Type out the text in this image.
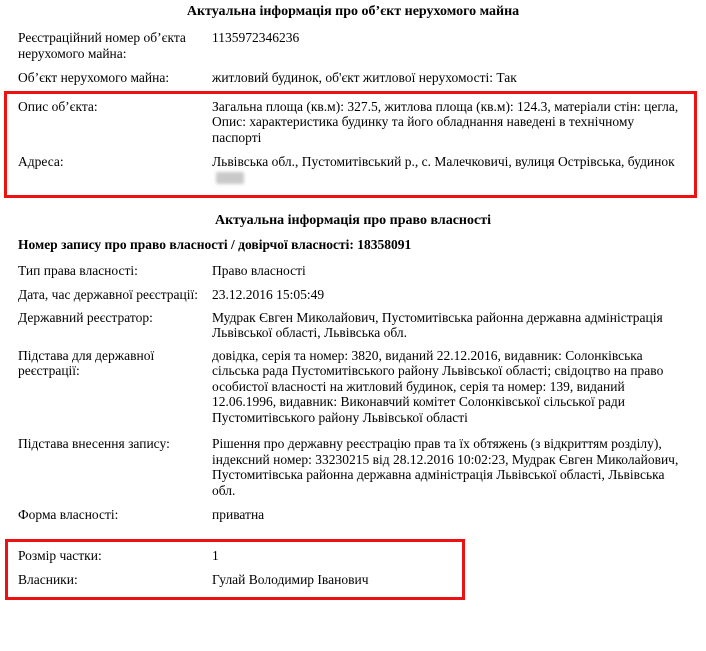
Актуальна інформація про об’єкт нерухомого майна
Реєстраційний номер об’єкта нерухомого майна:
1135972346236
Об’єкт нерухомого майна:	житловий будинок, об'єкт житлової нерухомості: Так
Опис об’єкта:	Загальна площа (кв.м): 327.5, житлова площа (кв.м): 124.3, матеріали стін: цегла, Опис: характеристика будинку та його обладнання наведені в технічному паспорті
Адреса:	Львівська обл., Пустомитівський р., с. Малечковичі, вулиця Острівська, будинок
Актуальна інформація про право власності
Номер запису про право власності / довірчої власності: 18358091
Тип права власності:	Право власності
Дата, час державної реєстрації:	23.12.2016 15:05:49
Державний реєстратор:	Мудрак Євген Миколайович, Пустомитівська районна державна адміністрація Львівської області, Львівська обл.
Підстава для державної реєстрації:
довідка, серія та номер: 3820, виданий 22.12.2016, видавник: Солонківська сільська рада Пустомитівського району Львівської області; свідоцтво на право особистої власності на житловий будинок, серія та номер: 139, виданий 12.06.1996, видавник: Виконавчий комітет Солонківської сільської ради Пустомитівського району Львівської області
Підстава внесення запису:	Рішення про державну реєстрацію прав та їх обтяжень (з відкриттям розділу), індексний номер: 33230215 від 28.12.2016 10:02:23, Мудрак Євген Миколайович, Пустомитівська районна державна адміністрація Львівської області, Львівська обл.
Форма власності:	приватна
Розмір частки:	1
Власники:	Гулай Володимир Іванович
